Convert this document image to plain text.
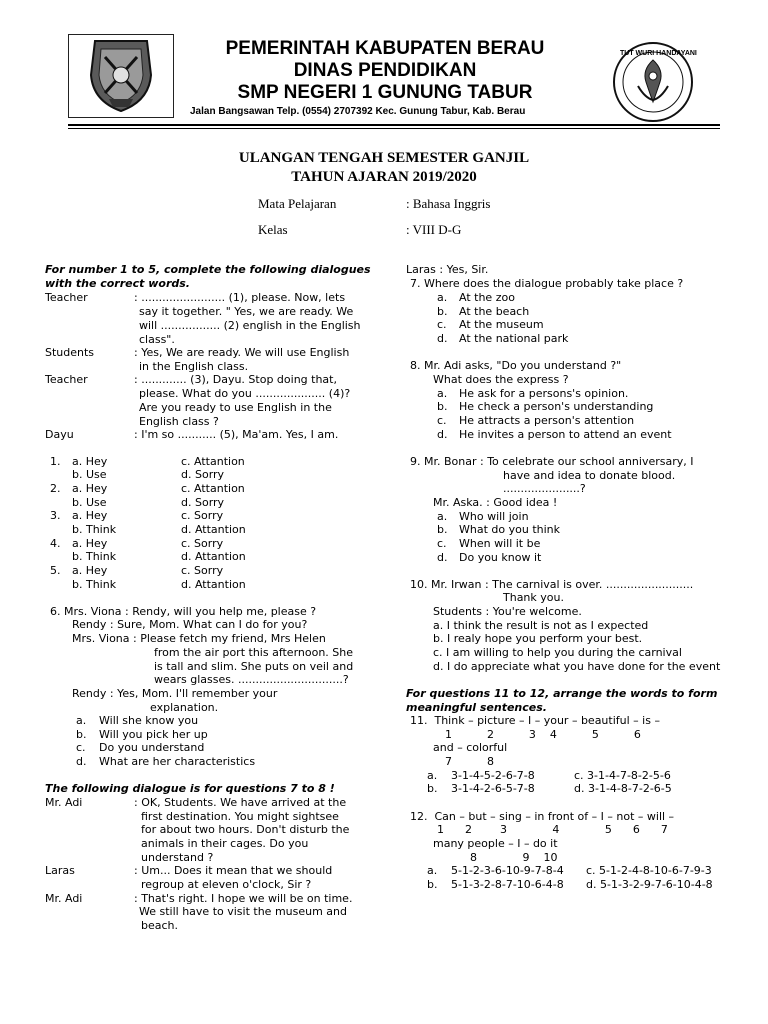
TUT WURI HANDAYANI
PEMERINTAH KABUPATEN BERAU
DINAS PENDIDIKAN
SMP NEGERI 1 GUNUNG TABUR
Jalan Bangsawan Telp. (0554) 2707392 Kec. Gunung Tabur, Kab. Berau
ULANGAN TENGAH SEMESTER GANJIL
TAHUN AJARAN 2019/2020
Mata Pelajaran	: Bahasa Inggris
Kelas	: VIII D-G
For number 1 to 5, complete the following dialogues
with the correct words.
Teacher	: ........................ (1), please. Now, lets
say it together. " Yes, we are ready. We
will ................. (2) english in the English
class".
Students	: Yes, We are ready. We will use English
in the English class.
Teacher	: ............. (3), Dayu. Stop doing that,
please. What do you .................... (4)?
Are you ready to use English in the
English class ?
Dayu	: I'm so ........... (5), Ma'am. Yes, I am.
1. a. Hey	c. Attantion
b. Use	d. Sorry
2. a. Hey	c. Attantion
b. Use	d. Sorry
3. a. Hey	c. Sorry
b. Think	d. Attantion
4. a. Hey	c. Sorry
b. Think	d. Attantion
5. a. Hey	c. Sorry
b. Think	d. Attantion
6. Mrs. Viona : Rendy, will you help me, please ?
Rendy : Sure, Mom. What can I do for you?
Mrs. Viona : Please fetch my friend, Mrs Helen
from the air port this afternoon. She
is tall and slim. She puts on veil and
wears glasses. ..............................?
Rendy : Yes, Mom. I'll remember your
explanation.
a. Will she know you
b. Will you pick her up
c. Do you understand
d. What are her characteristics
The following dialogue is for questions 7 to 8 !
Mr. Adi	: OK, Students. We have arrived at the
first destination. You might sightsee
for about two hours. Don't disturb the
animals in their cages. Do you
understand ?
Laras	: Um... Does it mean that we should
regroup at eleven o'clock, Sir ?
Mr. Adi	: That's right. I hope we will be on time.
We still have to visit the museum and
beach.
Laras : Yes, Sir.
7. Where does the dialogue probably take place ?
a. At the zoo
b. At the beach
c. At the museum
d. At the national park
8. Mr. Adi asks, "Do you understand ?"
What does the express ?
a. He ask for a persons's opinion.
b. He check a person's understanding
c. He attracts a person's attention
d. He invites a person to attend an event
9. Mr. Bonar : To celebrate our school anniversary, I
have and idea to donate blood.
......................?
Mr. Aska. : Good idea !
a. Who will join
b. What do you think
c. When will it be
d. Do you know it
10. Mr. Irwan : The carnival is over. .........................
Thank you.
Students : You're welcome.
a. I think the result is not as I expected
b. I realy hope you perform your best.
c. I am willing to help you during the carnival
d. I do appreciate what you have done for the event
For questions 11 to 12, arrange the words to form
meaningful sentences.
11.  Think – picture – I – your – beautiful – is –
1          2          3    4          5          6
and – colorful
7          8
a. 3-1-4-5-2-6-7-8	c. 3-1-4-7-8-2-5-6
b. 3-1-4-2-6-5-7-8	d. 3-1-4-8-7-2-6-5
12.  Can – but – sing – in front of – I – not – will –
1      2        3             4             5      6      7
many people – I – do it
8             9    10
a. 5-1-2-3-6-10-9-7-8-4 c. 5-1-2-4-8-10-6-7-9-3
b. 5-1-3-2-8-7-10-6-4-8 d. 5-1-3-2-9-7-6-10-4-8
